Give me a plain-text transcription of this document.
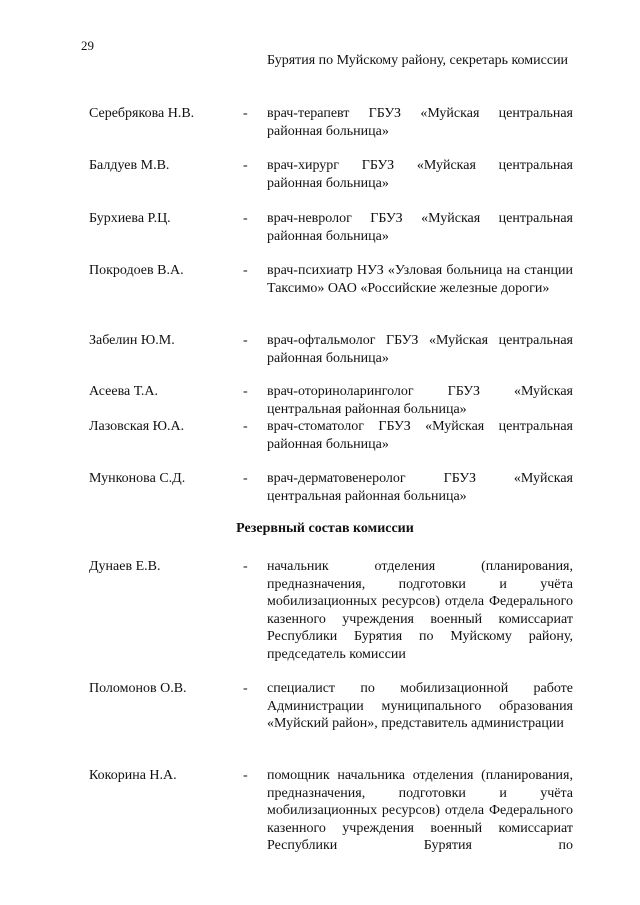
29
Бурятия по Муйскому району, секретарь комиссии
Серебрякова Н.В.	- врач-терапевт ГБУЗ «Муйская центральная районная больница»
Балдуев М.В.	- врач-хирург ГБУЗ «Муйская центральная районная больница»
Бурхиева Р.Ц.	- врач-невролог ГБУЗ «Муйская центральная районная больница»
Покродоев В.А.	- врач-психиатр НУЗ «Узловая больница на станции Таксимо» ОАО «Российские железные дороги»
Забелин Ю.М.	- врач-офтальмолог ГБУЗ «Муйская центральная районная больница»
Асеева Т.А.	- врач-оториноларинголог ГБУЗ «Муйская центральная районная больница»
Лазовская Ю.А.	- врач-стоматолог ГБУЗ «Муйская центральная районная больница»
Мунконова С.Д.	- врач-дерматовенеролог ГБУЗ «Муйская центральная районная больница»
Резервный состав комиссии
Дунаев Е.В.	- начальник отделения (планирования, предназначения, подготовки и учёта мобилизационных ресурсов) отдела Федерального казенного учреждения военный комиссариат Республики Бурятия по Муйскому району, председатель комиссии
Поломонов О.В.	- специалист по мобилизационной работе Администрации муниципального образования «Муйский район», представитель администрации
Кокорина Н.А.	- помощник начальника отделения (планирования, предназначения, подготовки и учёта мобилизационных ресурсов) отдела Федерального казенного учреждения военный комиссариат Республики Бурятия по
